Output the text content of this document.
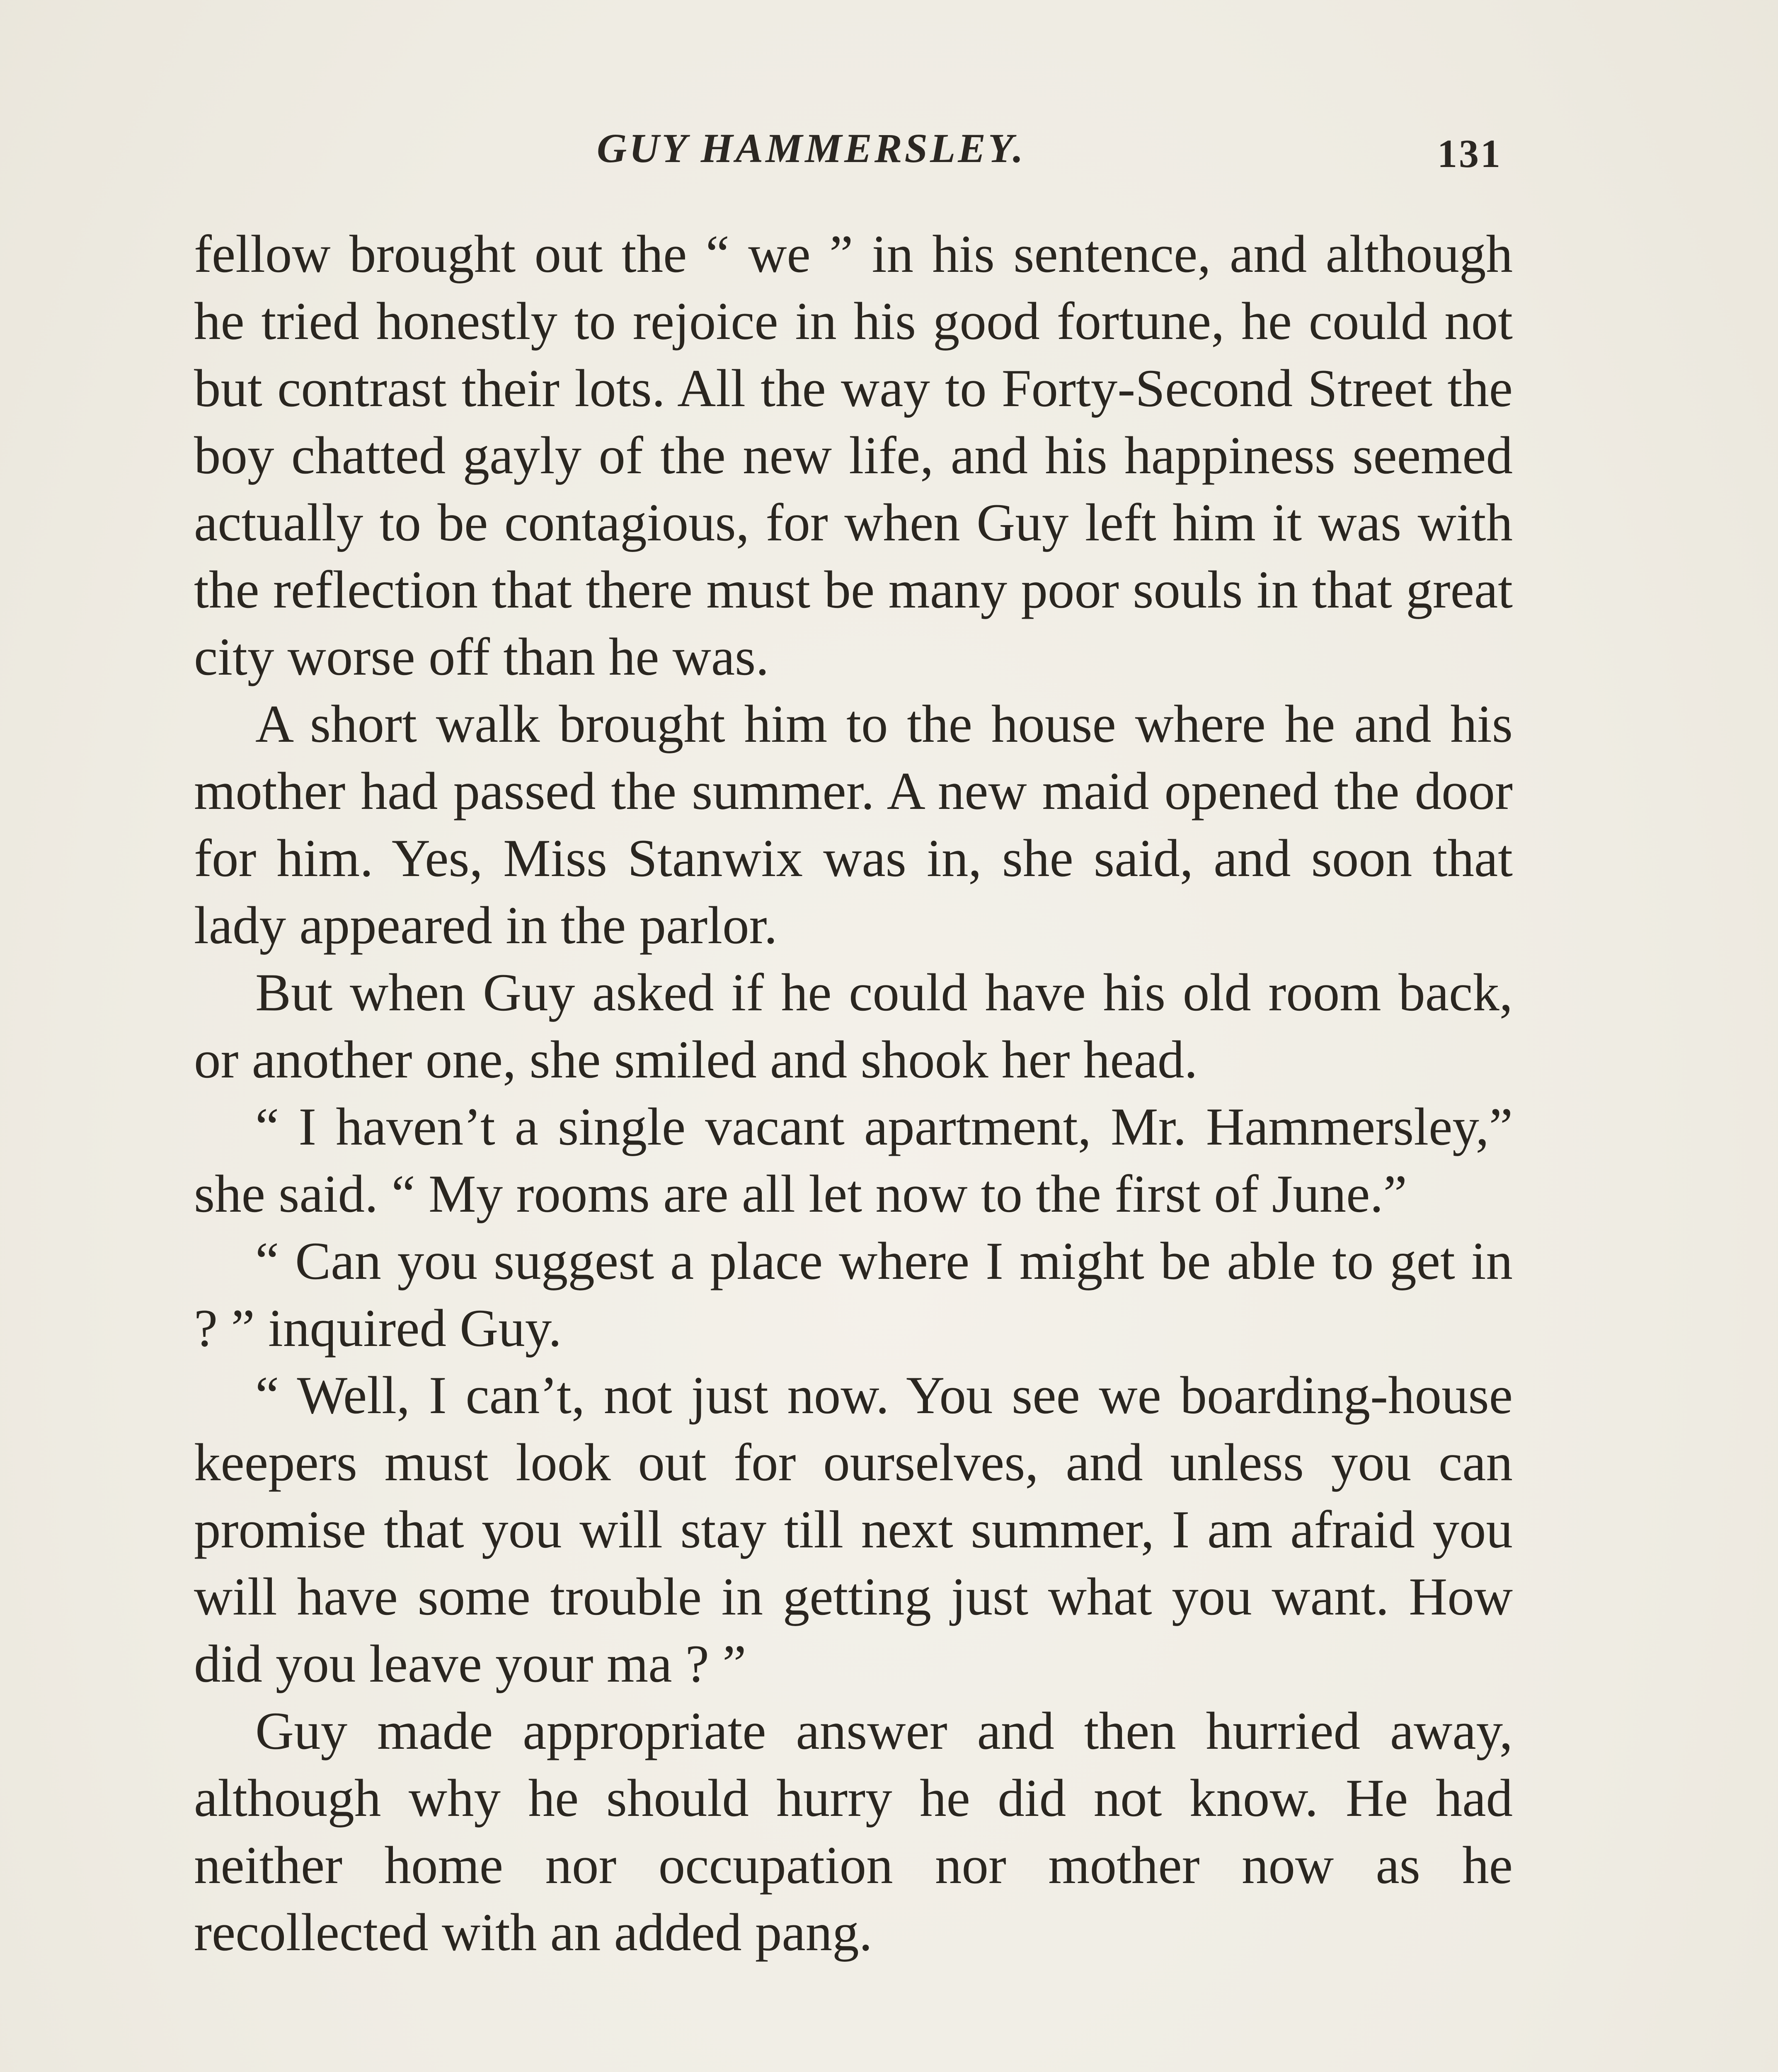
GUY HAMMERSLEY.	131

fellow brought out the “ we ” in his sentence, and although he tried honestly to rejoice in his good fortune, he could not but contrast their lots. All the way to Forty-Second Street the boy chatted gayly of the new life, and his happiness seemed actually to be contagious, for when Guy left him it was with the reflection that there must be many poor souls in that great city worse off than he was.

A short walk brought him to the house where he and his mother had passed the summer. A new maid opened the door for him. Yes, Miss Stanwix was in, she said, and soon that lady appeared in the parlor.

But when Guy asked if he could have his old room back, or another one, she smiled and shook her head.

“ I haven’t a single vacant apartment, Mr. Hammersley,” she said. “ My rooms are all let now to the first of June.”

“ Can you suggest a place where I might be able to get in ? ” inquired Guy.

“ Well, I can’t, not just now. You see we boarding-house keepers must look out for ourselves, and unless you can promise that you will stay till next summer, I am afraid you will have some trouble in getting just what you want. How did you leave your ma ? ”

Guy made appropriate answer and then hurried away, although why he should hurry he did not know. He had neither home nor occupation nor mother now as he recollected with an added pang.
